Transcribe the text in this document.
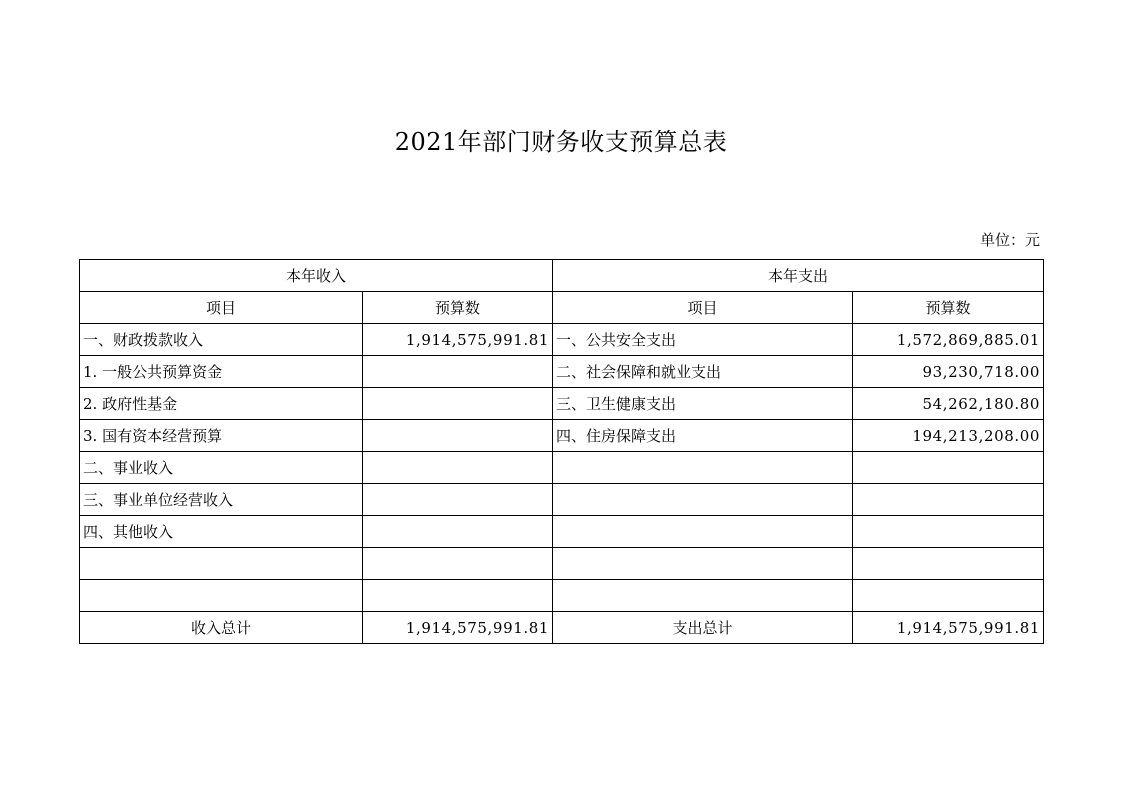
2021年部门财务收支预算总表
单位：元
本年收入		本年支出	
项目	预算数	项目	预算数
一、财政拨款收入	1,914,575,991.81	一、公共安全支出	1,572,869,885.01
1. 一般公共预算资金		二、社会保障和就业支出	93,230,718.00
2. 政府性基金		三、卫生健康支出	54,262,180.80
3. 国有资本经营预算		四、住房保障支出	194,213,208.00
二、事业收入			
三、事业单位经营收入			
四、其他收入			

收入总计	1,914,575,991.81	支出总计	1,914,575,991.81
